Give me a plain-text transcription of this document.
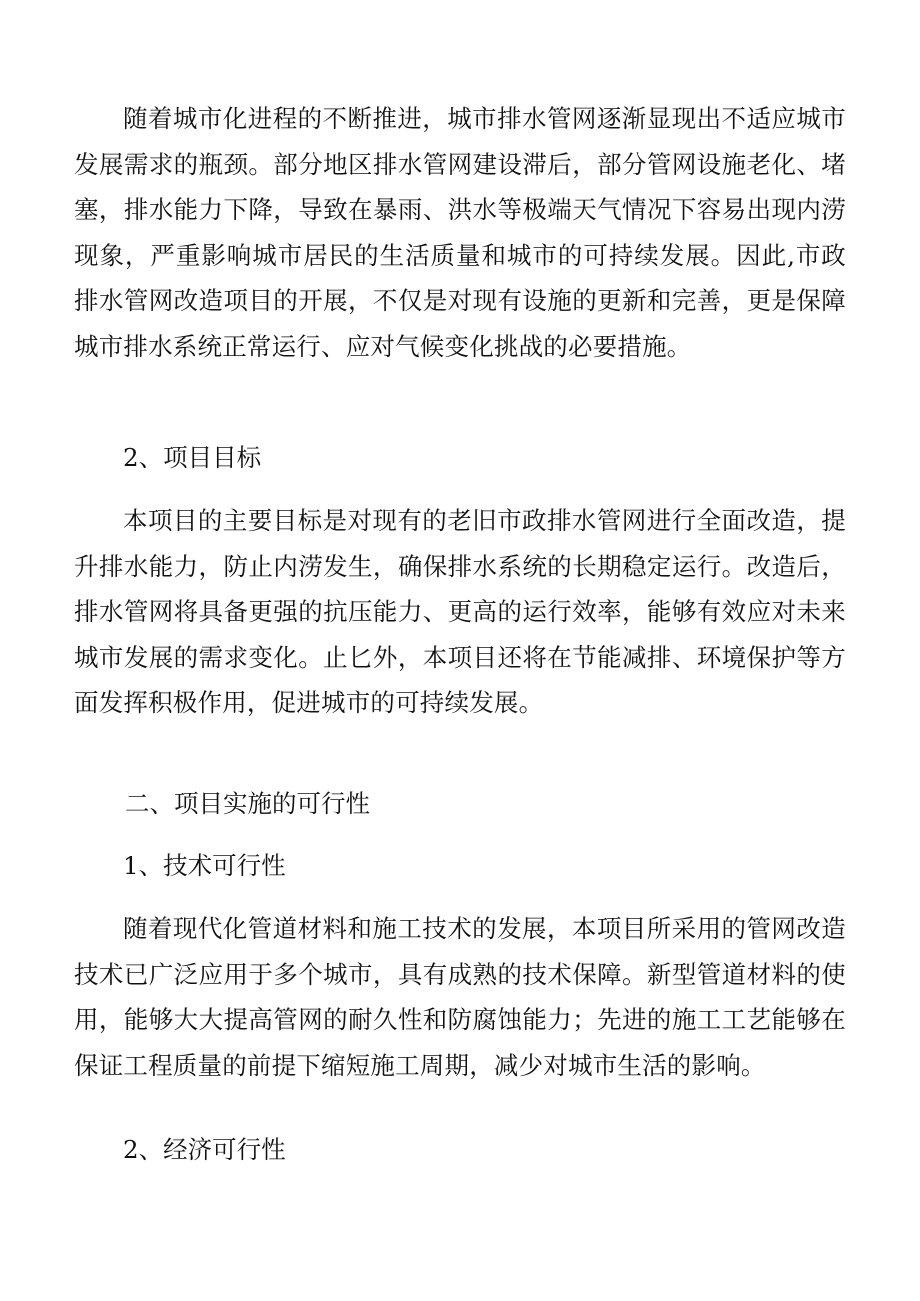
随着城市化进程的不断推进，城市排水管网逐渐显现出不适应城市发展需求的瓶颈。部分地区排水管网建设滞后，部分管网设施老化、堵塞，排水能力下降，导致在暴雨、洪水等极端天气情况下容易出现内涝现象，严重影响城市居民的生活质量和城市的可持续发展。因此,市政排水管网改造项目的开展，不仅是对现有设施的更新和完善，更是保障城市排水系统正常运行、应对气候变化挑战的必要措施。

2、项目目标

本项目的主要目标是对现有的老旧市政排水管网进行全面改造，提升排水能力，防止内涝发生，确保排水系统的长期稳定运行。改造后，排水管网将具备更强的抗压能力、更高的运行效率，能够有效应对未来城市发展的需求变化。止匕外，本项目还将在节能减排、环境保护等方面发挥积极作用，促进城市的可持续发展。

二、项目实施的可行性

1、技术可行性

随着现代化管道材料和施工技术的发展，本项目所采用的管网改造技术已广泛应用于多个城市，具有成熟的技术保障。新型管道材料的使用，能够大大提高管网的耐久性和防腐蚀能力；先进的施工工艺能够在保证工程质量的前提下缩短施工周期，减少对城市生活的影响。

2、经济可行性
